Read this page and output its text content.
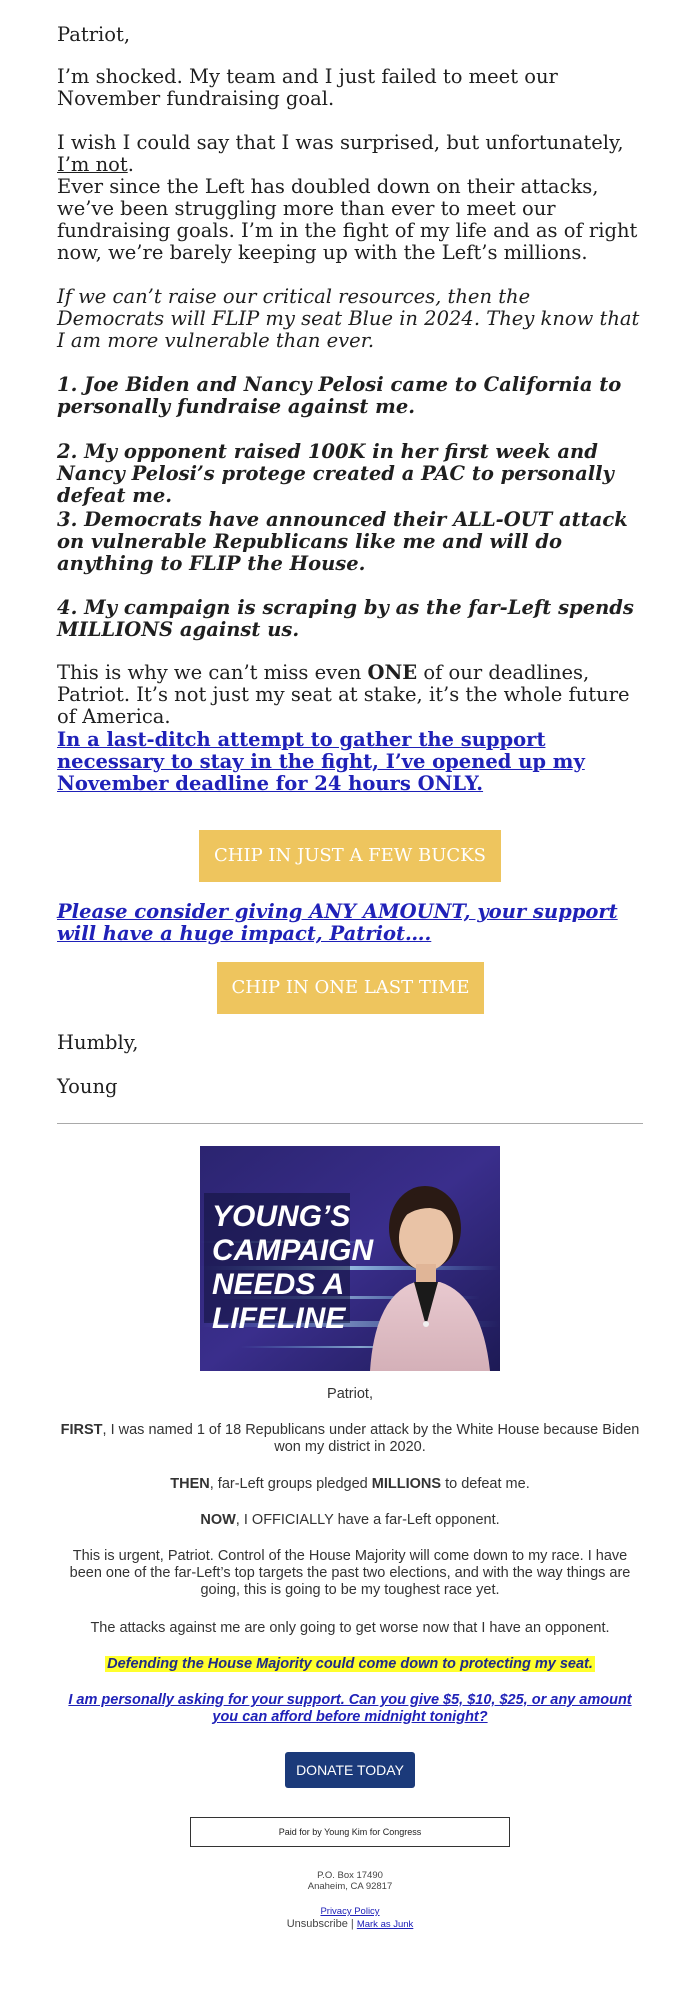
Patriot,

I’m shocked. My team and I just failed to meet our November fundraising goal.

I wish I could say that I was surprised, but unfortunately, I’m not.

Ever since the Left has doubled down on their attacks, we’ve been struggling more than ever to meet our fundraising goals. I’m in the fight of my life and as of right now, we’re barely keeping up with the Left’s millions.

If we can’t raise our critical resources, then the Democrats will FLIP my seat Blue in 2024. They know that I am more vulnerable than ever.

1. Joe Biden and Nancy Pelosi came to California to personally fundraise against me.

2. My opponent raised 100K in her first week and Nancy Pelosi’s protege created a PAC to personally defeat me.

3. Democrats have announced their ALL-OUT attack on vulnerable Republicans like me and will do anything to FLIP the House.

4. My campaign is scraping by as the far-Left spends MILLIONS against us.

This is why we can’t miss even ONE of our deadlines, Patriot. It’s not just my seat at stake, it’s the whole future of America.

In a last-ditch attempt to gather the support necessary to stay in the fight, I’ve opened up my November deadline for 24 hours ONLY.
CHIP IN JUST A FEW BUCKS
Please consider giving ANY AMOUNT, your support will have a huge impact, Patriot….
CHIP IN ONE LAST TIME

Humbly,

Young

YOUNG’S
CAMPAIGN
NEEDS A
LIFELINE
Patriot,
FIRST, I was named 1 of 18 Republicans under attack by the White House because Biden won my district in 2020.
THEN, far-Left groups pledged MILLIONS to defeat me.
NOW, I OFFICIALLY have a far-Left opponent.
This is urgent, Patriot. Control of the House Majority will come down to my race. I have been one of the far-Left’s top targets the past two elections, and with the way things are going, this is going to be my toughest race yet.
The attacks against me are only going to get worse now that I have an opponent.
Defending the House Majority could come down to protecting my seat.
I am personally asking for your support. Can you give $5, $10, $25, or any amount you can afford before midnight tonight?
DONATE TODAY
Paid for by Young Kim for Congress
P.O. Box 17490
Anaheim, CA 92817
Privacy Policy
Unsubscribe | Mark as Junk
